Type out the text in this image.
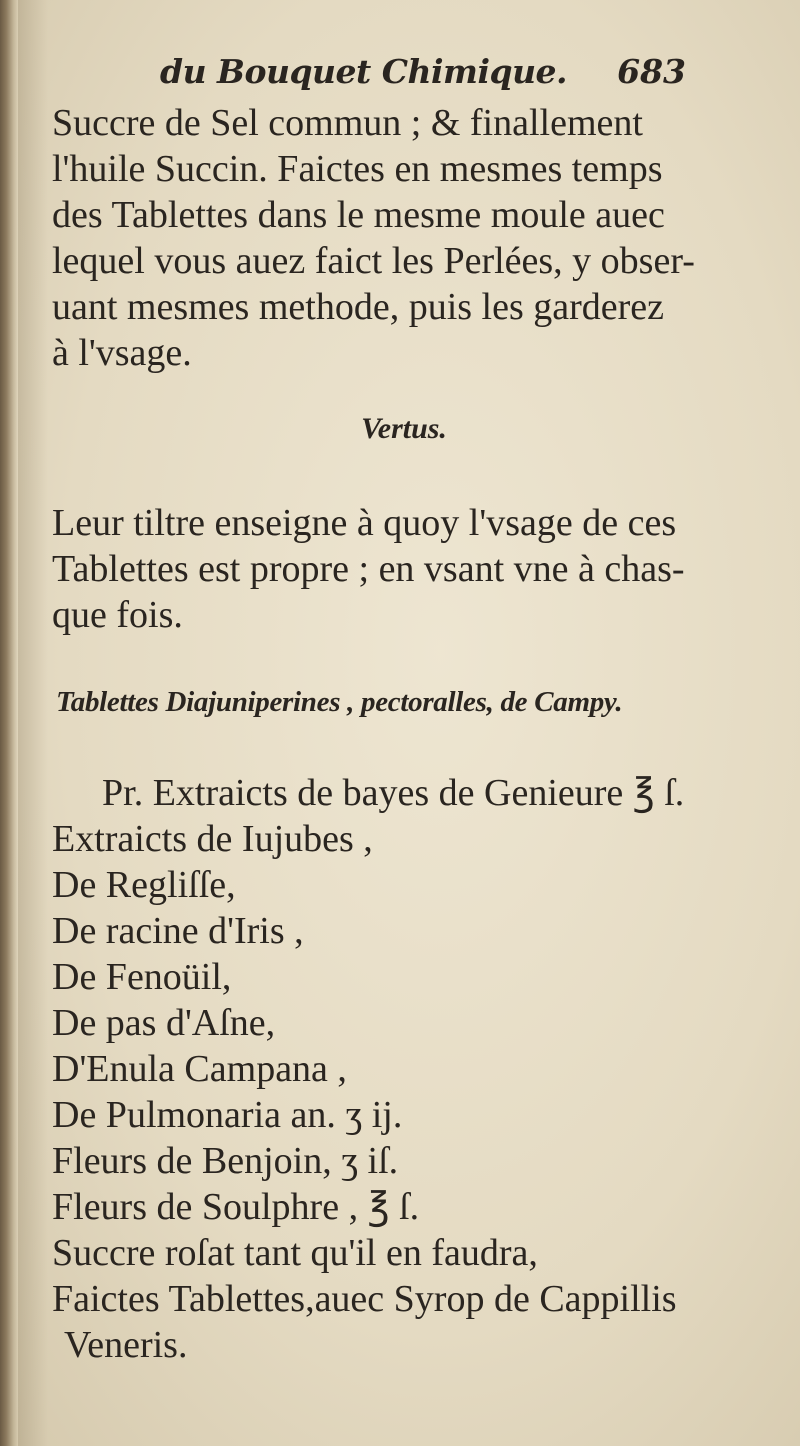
du Bouquet Chimique. 683
Succre de Sel commun ; & finallement
l'huile Succin. Faictes en mesmes temps
des Tablettes dans le mesme moule auec
lequel vous auez faict les Perlées, y obser-
uant mesmes methode, puis les garderez
à l'vsage.
Vertus.
Leur tiltre enseigne à quoy l'vsage de ces
Tablettes est propre ; en vsant vne à chas-
que fois.
Tablettes Diajuniperines , pectoralles, de Campy.
Pr. Extraicts de bayes de Genieure ℥ ſ.
Extraicts de Iujubes ,
De Regliſſe,
De racine d'Iris ,
De Fenoüil,
De pas d'Aſne,
D'Enula Campana ,
De Pulmonaria an. ʒ ij.
Fleurs de Benjoin, ʒ iſ.
Fleurs de Soulphre , ℥ ſ.
Succre roſat tant qu'il en faudra,
Faictes Tablettes,auec Syrop de Cappillis
Veneris.
